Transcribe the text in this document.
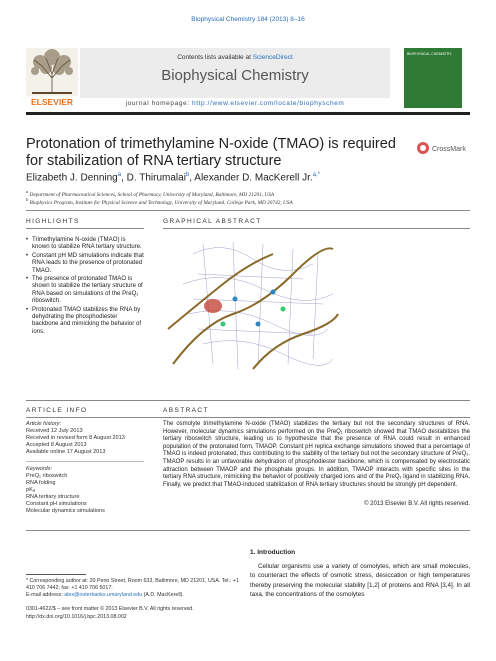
Biophysical Chemistry 184 (2013) 8–16
ELSEVIER
Contents lists available at ScienceDirect
Biophysical Chemistry
journal homepage: http://www.elsevier.com/locate/biophyschem
BIOPHYSICAL CHEMISTRY
Protonation of trimethylamine N-oxide (TMAO) is required for stabilization of RNA tertiary structure
CrossMark
Elizabeth J. Denning$^a$, D. Thirumalai$^b$, Alexander D. MacKerell Jr.$^{a,*}$
$^a$ Department of Pharmaceutical Sciences, School of Pharmacy, University of Maryland, Baltimore, MD 21201, USA
$^b$ Biophysics Program, Institute for Physical Science and Technology, University of Maryland, College Park, MD 20742, USA
HIGHLIGHTS
• Trimethylamine N-oxide (TMAO) is known to stabilize RNA tertiary structure.
• Constant pH MD simulations indicate that RNA leads to the presence of protonated TMAO.
• The presence of protonated TMAO is shown to stabilize the tertiary structure of RNA based on simulations of the PreQ₁ riboswitch.
• Protonated TMAO stabilizes the RNA by dehydrating the phosphodiester backbone and mimicking the behavior of ions.
GRAPHICAL ABSTRACT
ARTICLE INFO	ABSTRACT
Article history:
Received 12 July 2013
Received in revised form 8 August 2013
Accepted 8 August 2013
Available online 17 August 2013
Keywords:
PreQ₁ riboswitch
RNA folding
pKₐ
RNA tertiary structure
Constant pH simulations
Molecular dynamics simulations
The osmolyte trimethylamine N-oxide (TMAO) stabilizes the tertiary but not the secondary structures of RNA. However, molecular dynamics simulations performed on the PreQ₁ riboswitch showed that TMAO destabilizes the tertiary riboswitch structure, leading us to hypothesize that the presence of RNA could result in enhanced population of the protonated form, TMAOP. Constant pH replica exchange simulations showed that a percentage of TMAO is indeed protonated, thus contributing to the stability of the tertiary but not the secondary structure of PreQ₁. TMAOP results in an unfavorable dehydration of phosphodiester backbone, which is compensated by electrostatic attraction between TMAOP and the phosphate groups. In addition, TMAOP interacts with specific sites in the tertiary RNA structure, mimicking the behavior of positively charged ions and of the PreQ₁ ligand in stabilizing RNA. Finally, we predict that TMAO-induced stabilization of RNA tertiary structures should be strongly pH dependent.
© 2013 Elsevier B.V. All rights reserved.
1. Introduction
Cellular organisms use a variety of osmolytes, which are small molecules, to counteract the effects of osmotic stress, desiccation or high temperatures thereby preserving the molecular stability [1,2] of proteins and RNA [3,4]. In all taxa, the concentrations of the osmolytes
* Corresponding author at: 20 Penn Street, Room 633, Baltimore, MD 21201, USA. Tel.: +1 410 706 7442; fax: +1 410 706 5017.
E-mail address: alex@outerbanks.umaryland.edu (A.D. MacKerell).
0301-4622/$ – see front matter © 2013 Elsevier B.V. All rights reserved.
http://dx.doi.org/10.1016/j.bpc.2013.08.002
